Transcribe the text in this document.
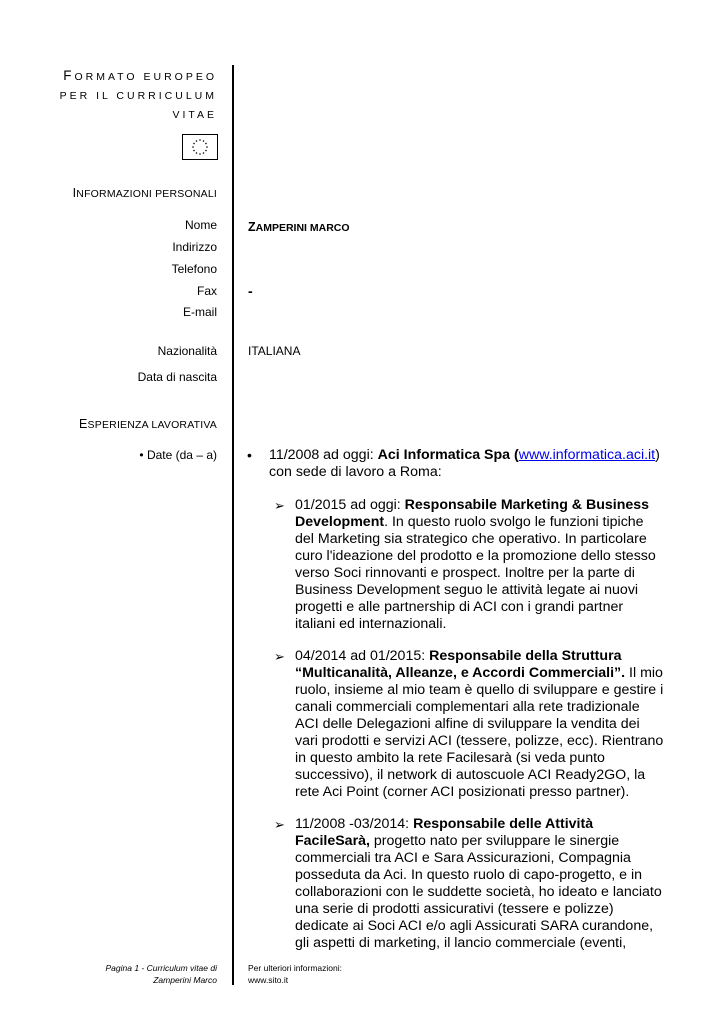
FORMATO EUROPEO
PER IL CURRICULUM
VITAE
INFORMAZIONI PERSONALI
Nome
Indirizzo
Telefono
Fax
E-mail
Nazionalità
Data di nascita
ZAMPERINI MARCO
-
ITALIANA
ESPERIENZA LAVORATIVA
• Date (da – a) • 11/2008 ad oggi: Aci Informatica Spa (www.informatica.aci.it)
con sede di lavoro a Roma:
➢ 01/2015 ad oggi: Responsabile Marketing & Business
Development. In questo ruolo svolgo le funzioni tipiche
del Marketing sia strategico che operativo. In particolare
curo l'ideazione del prodotto e la promozione dello stesso
verso Soci rinnovanti e prospect. Inoltre per la parte di
Business Development seguo le attività legate ai nuovi
progetti e alle partnership di ACI con i grandi partner
italiani ed internazionali.
➢ 04/2014 ad 01/2015: Responsabile della Struttura
“Multicanalità, Alleanze, e Accordi Commerciali”. Il mio
ruolo, insieme al mio team è quello di sviluppare e gestire i
canali commerciali complementari alla rete tradizionale
ACI delle Delegazioni alfine di sviluppare la vendita dei
vari prodotti e servizi ACI (tessere, polizze, ecc). Rientrano
in questo ambito la rete Facilesarà (si veda punto
successivo), il network di autoscuole ACI Ready2GO, la
rete Aci Point (corner ACI posizionati presso partner).
➢ 11/2008 -03/2014: Responsabile delle Attività
FacileSarà, progetto nato per sviluppare le sinergie
commerciali tra ACI e Sara Assicurazioni, Compagnia
posseduta da Aci. In questo ruolo di capo-progetto, e in
collaborazioni con le suddette società, ho ideato e lanciato
una serie di prodotti assicurativi (tessere e polizze)
dedicate ai Soci ACI e/o agli Assicurati SARA curandone,
gli aspetti di marketing, il lancio commerciale (eventi,
Pagina 1 - Curriculum vitae di
Zamperini Marco
Per ulteriori informazioni:
www.sito.it
